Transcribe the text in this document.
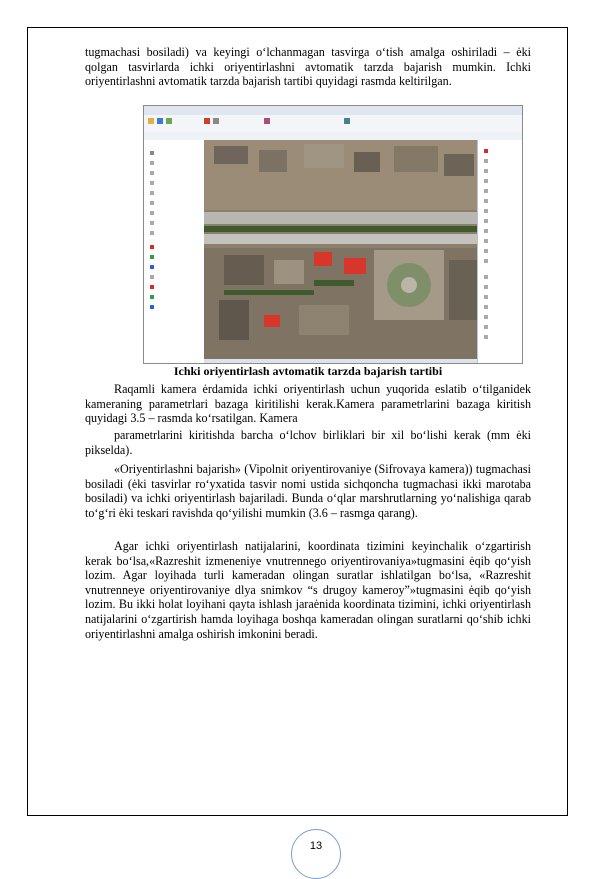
tugmachasi bosiladi) va keyingi o‘lchanmagan tasvirga o‘tish amalga oshiriladi – ėki qolgan tasvirlarda ichki oriyentirlashni avtomatik tarzda bajarish mumkin. Ichki oriyentirlashni avtomatik tarzda bajarish tartibi quyidagi rasmda keltirilgan.

Ichki oriyentirlash avtomatik tarzda bajarish tartibi

Raqamli kamera ėrdamida ichki oriyentirlash uchun yuqorida eslatib o‘tilganidek kameraning parametrlari bazaga kiritilishi kerak.Kamera parametrlarini bazaga kiritish quyidagi 3.5 – rasmda ko‘rsatilgan. Kamera

parametrlarini kiritishda barcha o‘lchov birliklari bir xil bo‘lishi kerak (mm ėki pikselda).

«Oriyentirlashni bajarish» (Vipolnit oriyentirovaniye (Sifrovaya kamera)) tugmachasi bosiladi (ėki tasvirlar ro‘yxatida tasvir nomi ustida sichqoncha tugmachasi ikki marotaba bosiladi) va ichki oriyentirlash bajariladi. Bunda o‘qlar marshrutlarning yo‘nalishiga qarab to‘g‘ri ėki teskari ravishda qo‘yilishi mumkin (3.6 – rasmga qarang).

Agar ichki oriyentirlash natijalarini, koordinata tizimini keyinchalik o‘zgartirish kerak bo‘lsa,«Razreshit izmeneniye vnutrennego oriyentirovaniya»tugmasini ėqib qo‘yish lozim. Agar loyihada turli kameradan olingan suratlar ishlatilgan bo‘lsa, «Razreshit vnutrenneye oriyentirovaniye dlya snimkov “s drugoy kameroy”»tugmasini ėqib qo‘yish lozim. Bu ikki holat loyihani qayta ishlash jaraėnida koordinata tizimini, ichki oriyentirlash natijalarini o‘zgartirish hamda loyihaga boshqa kameradan olingan suratlarni qo‘shib ichki oriyentirlashni amalga oshirish imkonini beradi.

13
